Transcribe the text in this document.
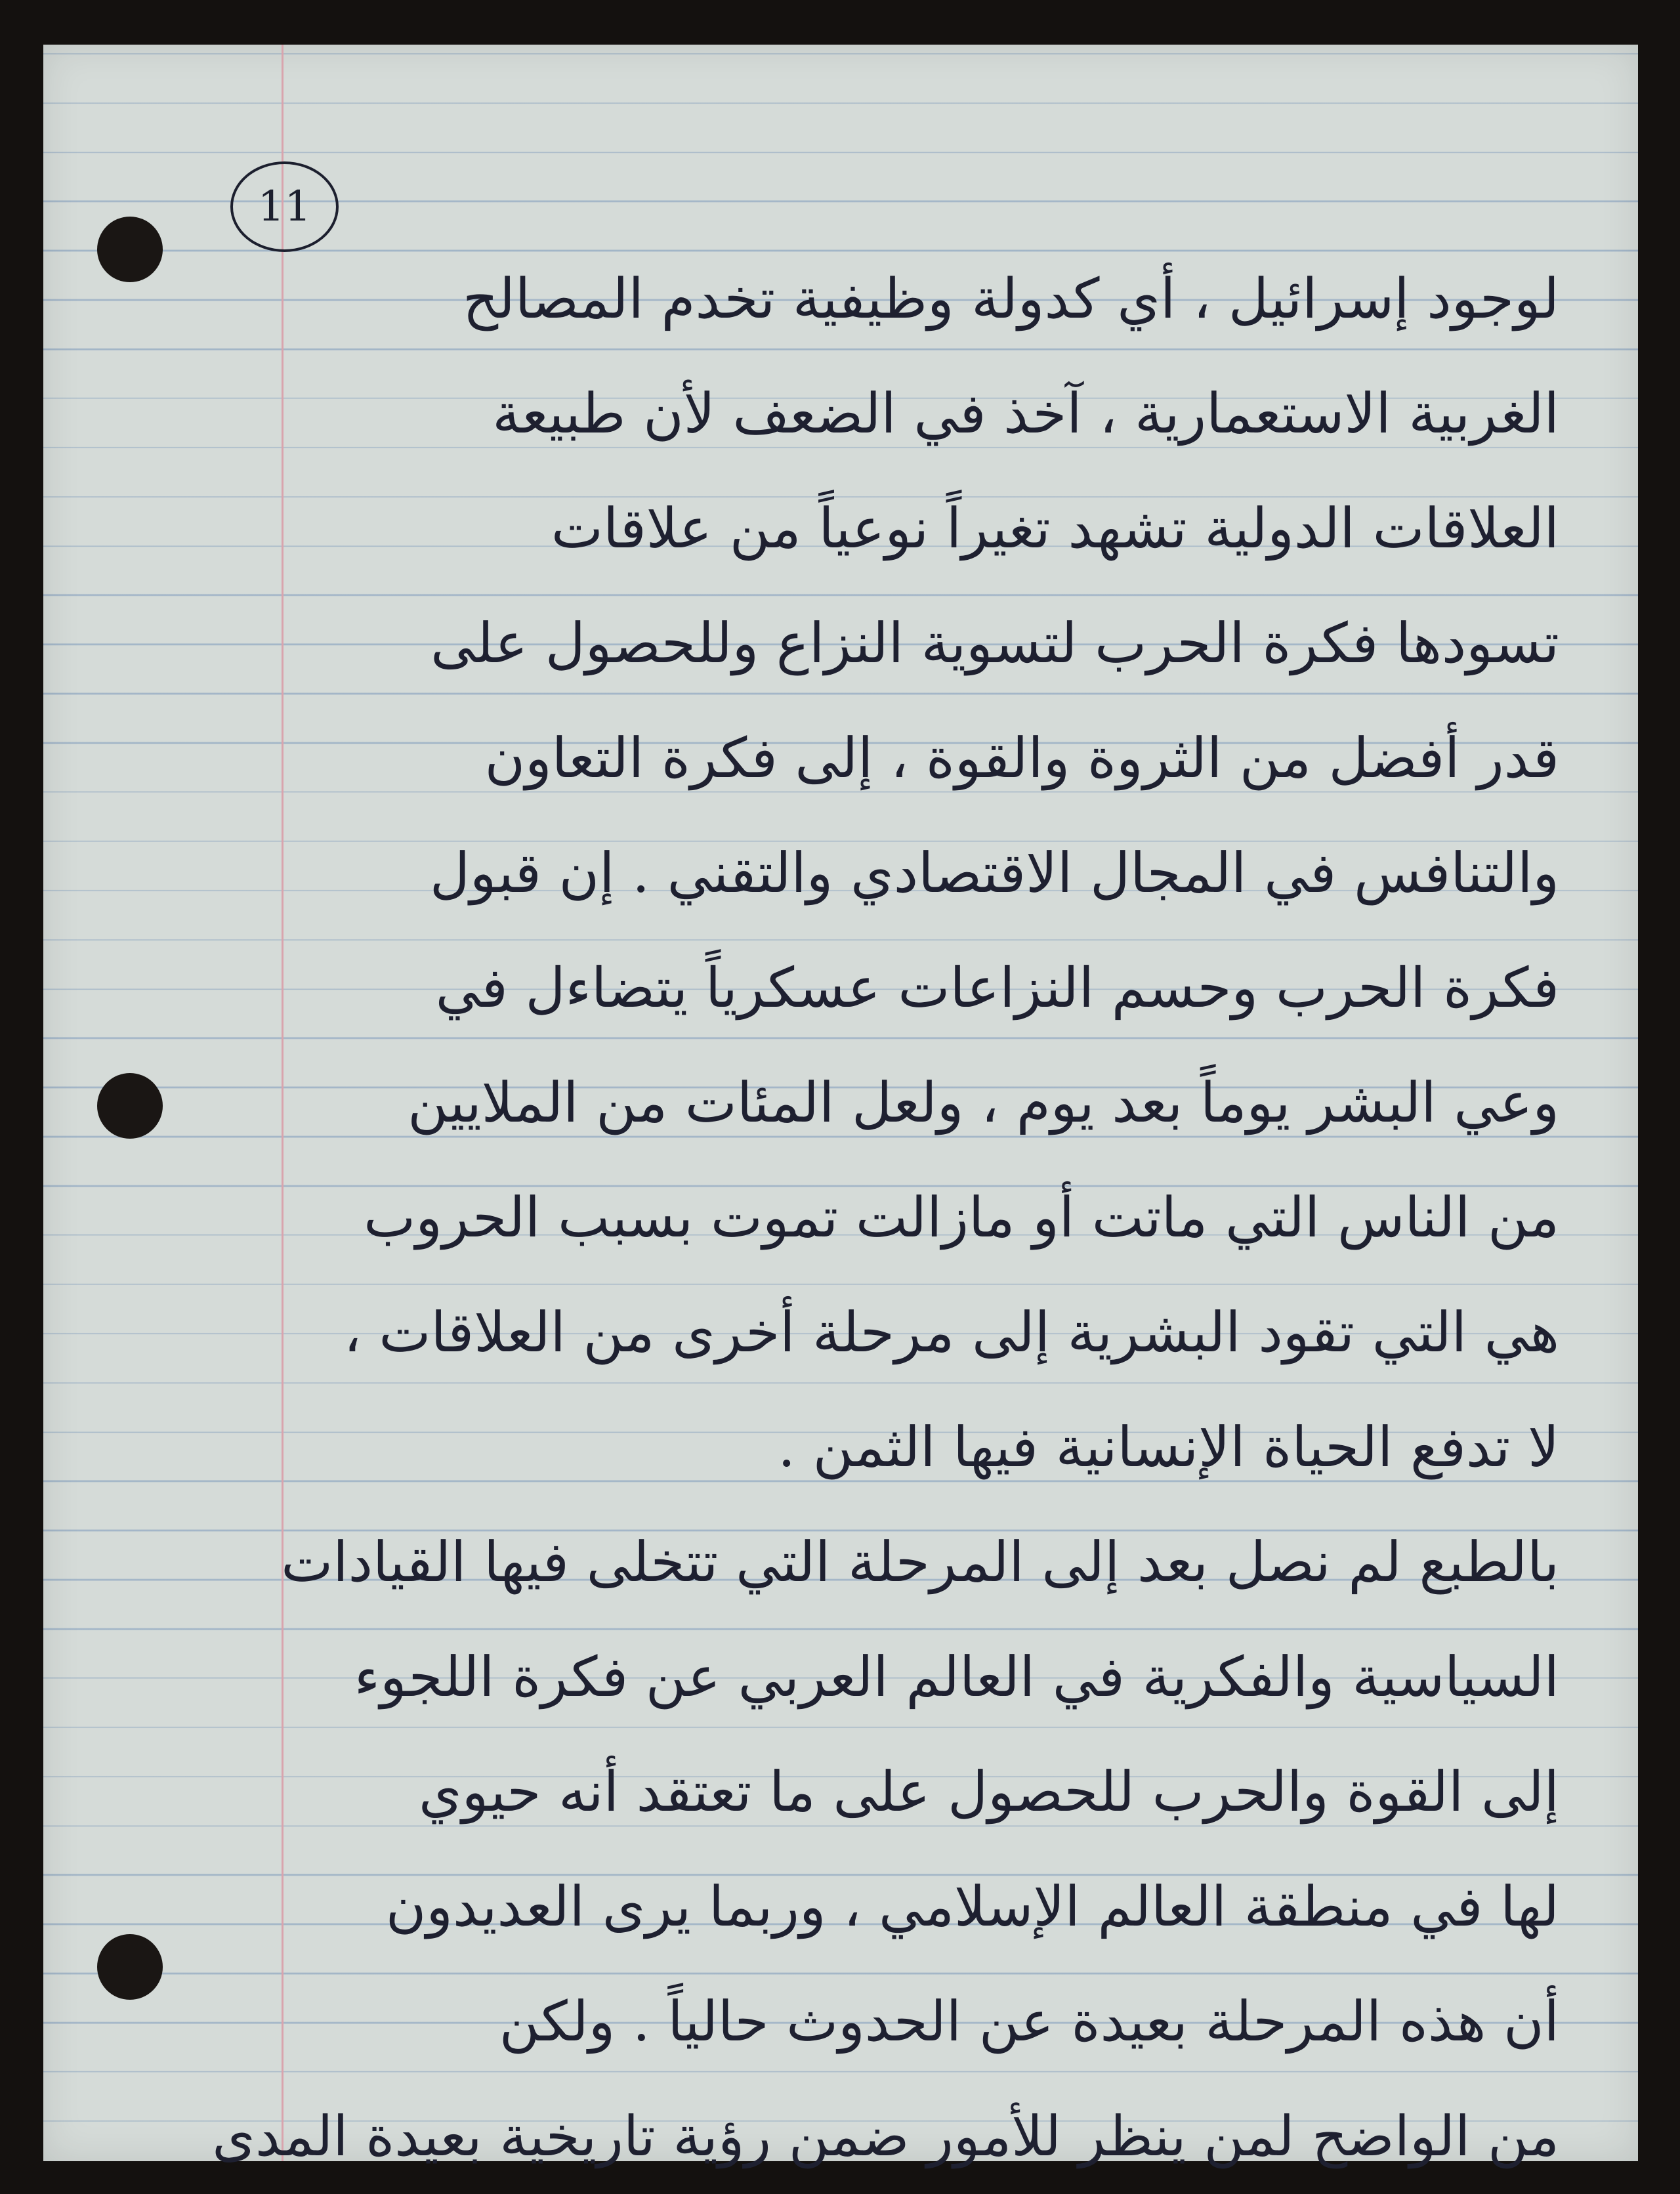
11
لوجود إسرائيل ، أي كدولة وظيفية تخدم المصالح
الغربية الاستعمارية ، آخذ في الضعف لأن طبيعة
العلاقات الدولية تشهد تغيراً نوعياً من علاقات
تسودها فكرة الحرب لتسوية النزاع وللحصول على
قدر أفضل من الثروة والقوة ، إلى فكرة التعاون
والتنافس في المجال الاقتصادي والتقني . إن قبول
فكرة الحرب وحسم النزاعات عسكرياً يتضاءل في
وعي البشر يوماً بعد يوم ، ولعل المئات من الملايين
من الناس التي ماتت أو مازالت تموت بسبب الحروب
هي التي تقود البشرية إلى مرحلة أخرى من العلاقات ،
لا تدفع الحياة الإنسانية فيها الثمن .
بالطبع لم نصل بعد إلى المرحلة التي تتخلى فيها القيادات
السياسية والفكرية في العالم العربي عن فكرة اللجوء
إلى القوة والحرب للحصول على ما تعتقد أنه حيوي
لها في منطقة العالم الإسلامي ، وربما يرى العديدون
أن هذه المرحلة بعيدة عن الحدوث حالياً . ولكن
من الواضح لمن ينظر للأمور ضمن رؤية تاريخية بعيدة المدى
